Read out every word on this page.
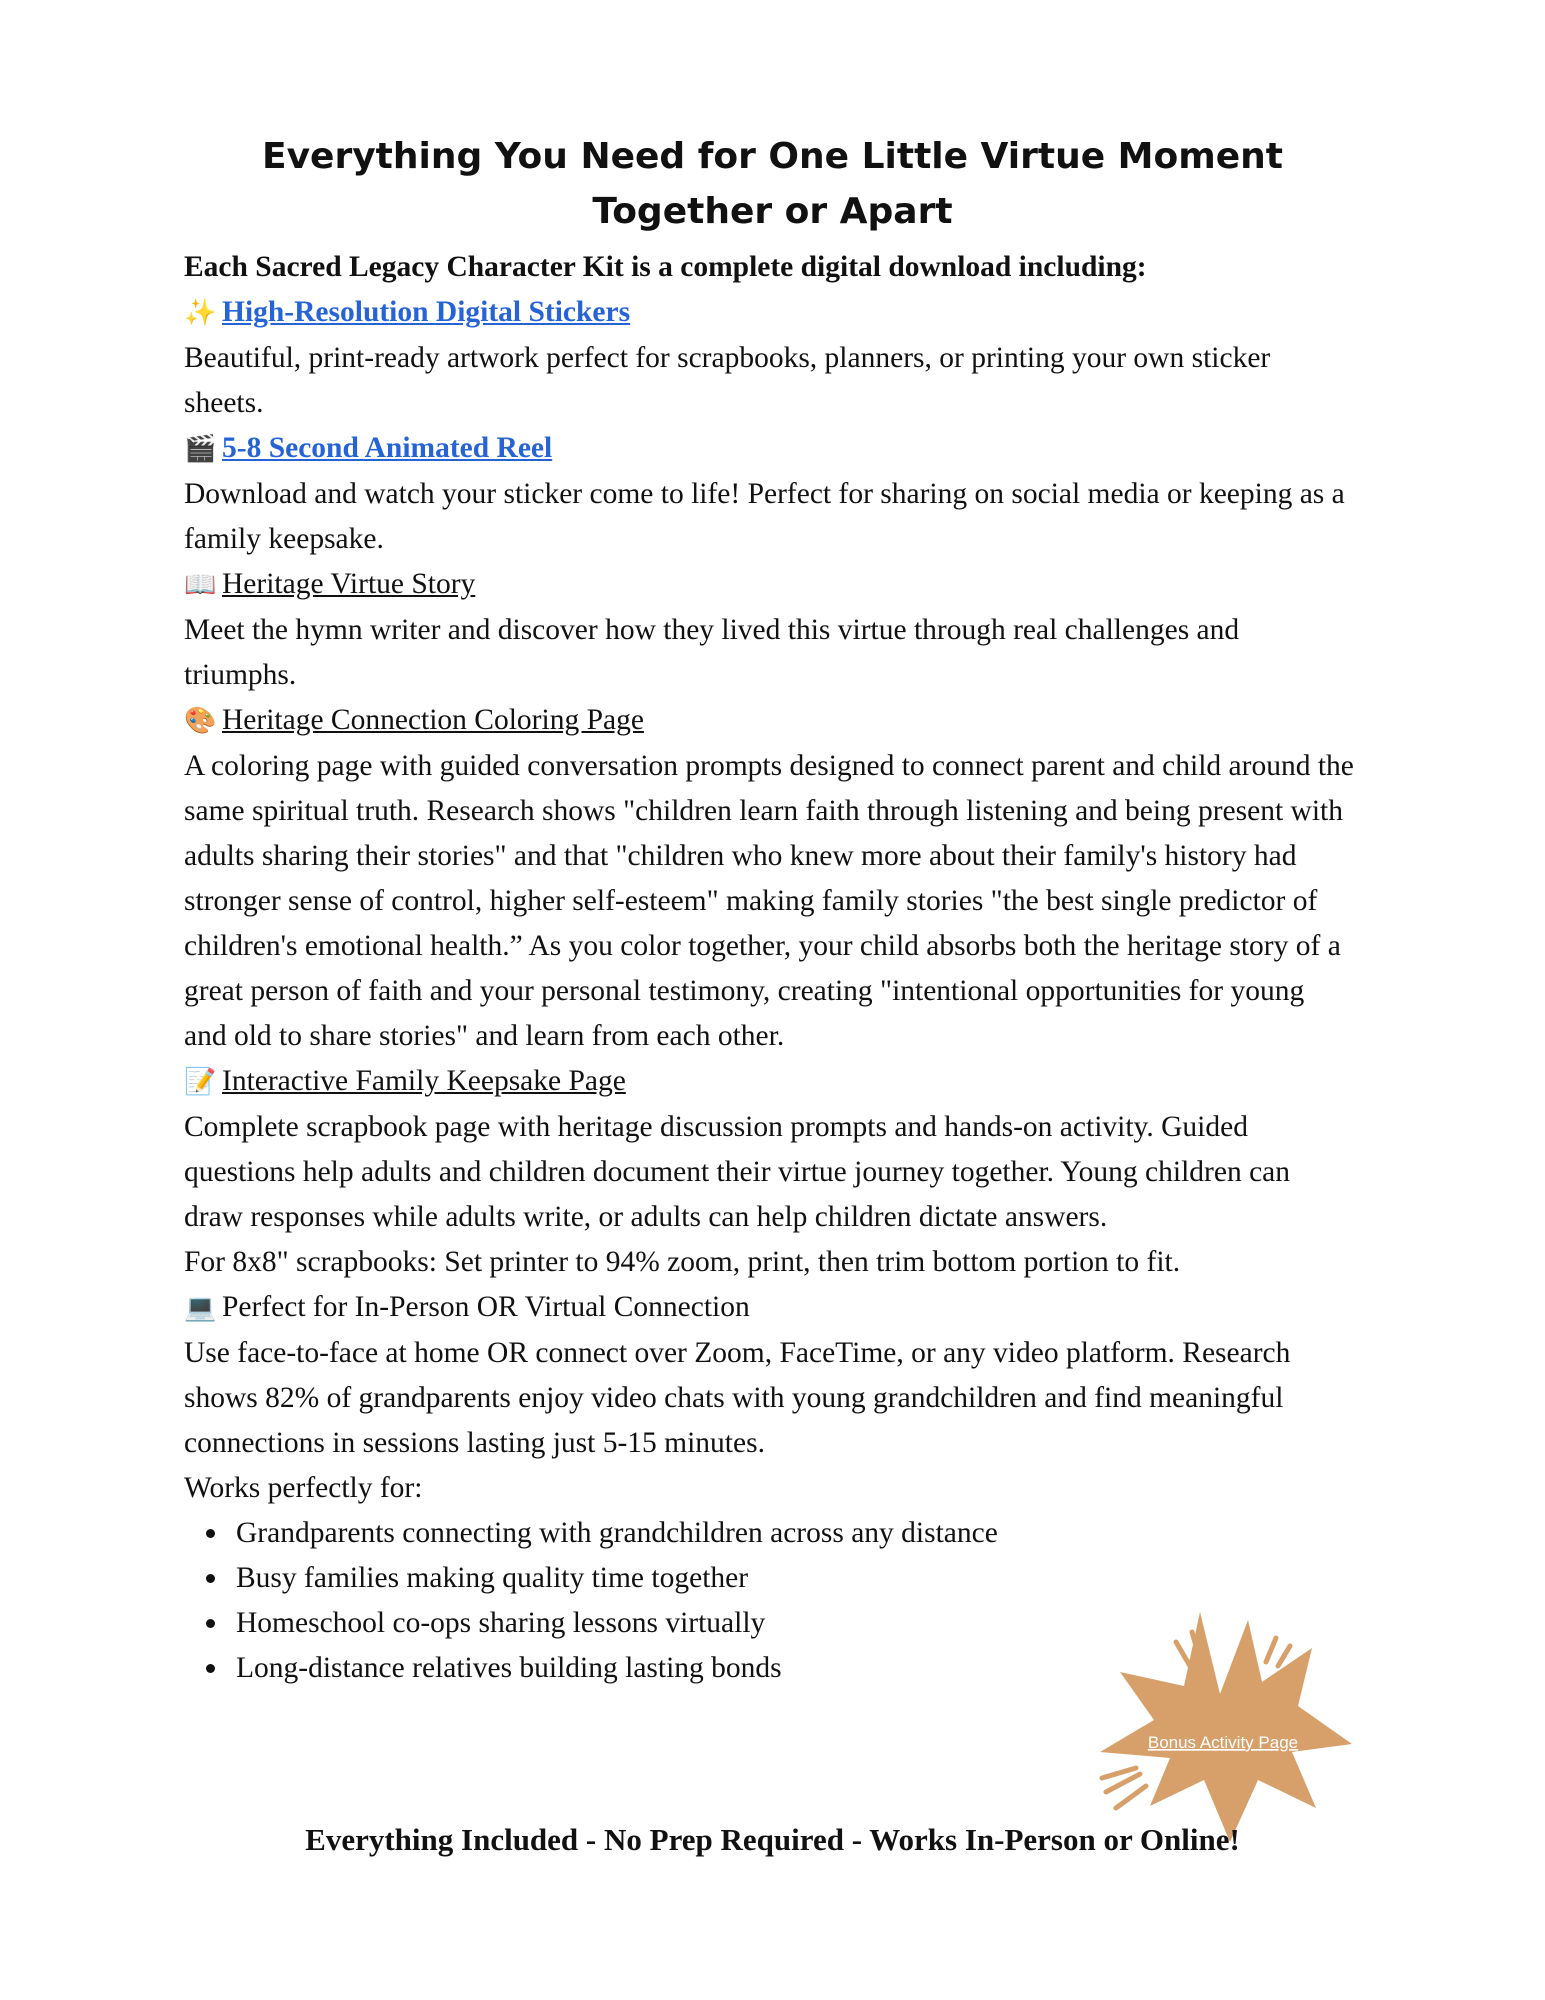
Everything You Need for One Little Virtue Moment
Together or Apart

Each Sacred Legacy Character Kit is a complete digital download including:

✨ High-Resolution Digital Stickers

Beautiful, print-ready artwork perfect for scrapbooks, planners, or printing your own sticker sheets.

🎬 5-8 Second Animated Reel

Download and watch your sticker come to life! Perfect for sharing on social media or keeping as a family keepsake.

📖 Heritage Virtue Story

Meet the hymn writer and discover how they lived this virtue through real challenges and triumphs.

🎨 Heritage Connection Coloring Page

A coloring page with guided conversation prompts designed to connect parent and child around the same spiritual truth. Research shows "children learn faith through listening and being present with adults sharing their stories" and that "children who knew more about their family's history had stronger sense of control, higher self-esteem" making family stories "the best single predictor of children's emotional health.” As you color together, your child absorbs both the heritage story of a great person of faith and your personal testimony, creating "intentional opportunities for young and old to share stories" and learn from each other.

📝 Interactive Family Keepsake Page

Complete scrapbook page with heritage discussion prompts and hands-on activity. Guided questions help adults and children document their virtue journey together. Young children can draw responses while adults write, or adults can help children dictate answers.

For 8x8" scrapbooks: Set printer to 94% zoom, print, then trim bottom portion to fit.

💻 Perfect for In-Person OR Virtual Connection

Use face-to-face at home OR connect over Zoom, FaceTime, or any video platform. Research shows 82% of grandparents enjoy video chats with young grandchildren and find meaningful connections in sessions lasting just 5-15 minutes.

Works perfectly for:

Grandparents connecting with grandchildren across any distance
Busy families making quality time together
Homeschool co-ops sharing lessons virtually
Long-distance relatives building lasting bonds
Bonus Activity Page
Everything Included - No Prep Required - Works In-Person or Online!
